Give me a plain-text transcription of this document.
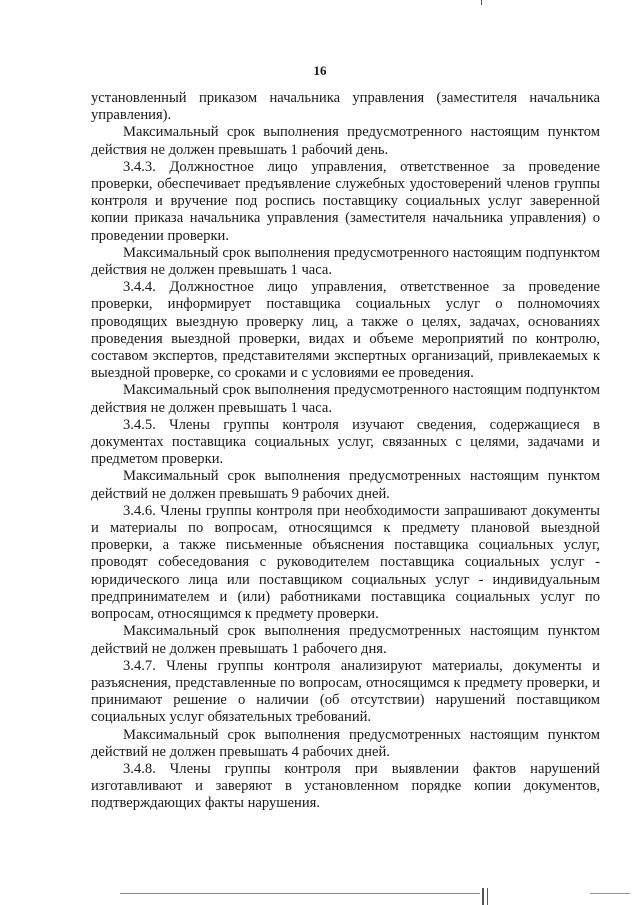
16

установленный приказом начальника управления (заместителя начальника управления).

Максимальный срок выполнения предусмотренного настоящим пунктом действия не должен превышать 1 рабочий день.

3.4.3. Должностное лицо управления, ответственное за проведение проверки, обеспечивает предъявление служебных удостоверений членов группы контроля и вручение под роспись поставщику социальных услуг заверенной копии приказа начальника управления (заместителя начальника управления) о проведении проверки.

Максимальный срок выполнения предусмотренного настоящим подпунктом действия не должен превышать 1 часа.

3.4.4. Должностное лицо управления, ответственное за проведение проверки, информирует поставщика социальных услуг о полномочиях проводящих выездную проверку лиц, а также о целях, задачах, основаниях проведения выездной проверки, видах и объеме мероприятий по контролю, составом экспертов, представителями экспертных организаций, привлекаемых к выездной проверке, со сроками и с условиями ее проведения.

Максимальный срок выполнения предусмотренного настоящим подпунктом действия не должен превышать 1 часа.

3.4.5. Члены группы контроля изучают сведения, содержащиеся в документах поставщика социальных услуг, связанных с целями, задачами и предметом проверки.

Максимальный срок выполнения предусмотренных настоящим пунктом действий не должен превышать 9 рабочих дней.

3.4.6. Члены группы контроля при необходимости запрашивают документы и материалы по вопросам, относящимся к предмету плановой выездной проверки, а также письменные объяснения поставщика социальных услуг, проводят собеседования с руководителем поставщика социальных услуг - юридического лица или поставщиком социальных услуг - индивидуальным предпринимателем и (или) работниками поставщика социальных услуг по вопросам, относящимся к предмету проверки.

Максимальный срок выполнения предусмотренных настоящим пунктом действий не должен превышать 1 рабочего дня.

3.4.7. Члены группы контроля анализируют материалы, документы и разъяснения, представленные по вопросам, относящимся к предмету проверки, и принимают решение о наличии (об отсутствии) нарушений поставщиком социальных услуг обязательных требований.

Максимальный срок выполнения предусмотренных настоящим пунктом действий не должен превышать 4 рабочих дней.

3.4.8. Члены группы контроля при выявлении фактов нарушений изготавливают и заверяют в установленном порядке копии документов, подтверждающих факты нарушения.
